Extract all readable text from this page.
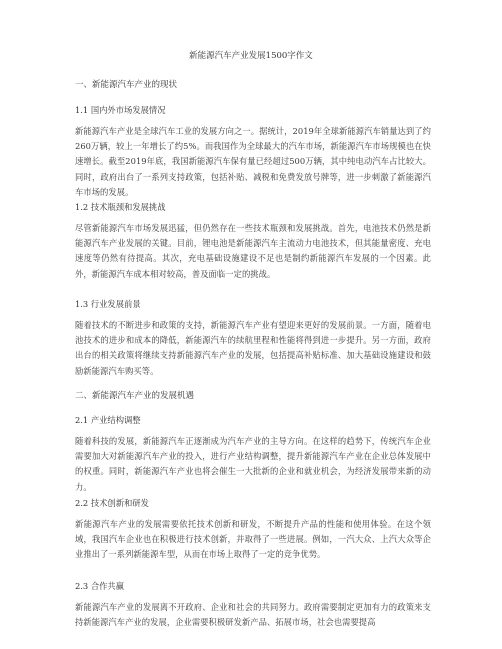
新能源汽车产业发展1500字作文
一、新能源汽车产业的现状
1.1 国内外市场发展情况
新能源汽车产业是全球汽车工业的发展方向之一。据统计，2019年全球新能源汽车销量达到了约260万辆，较上一年增长了约5%。而我国作为全球最大的汽车市场，新能源汽车市场规模也在快速增长。截至2019年底，我国新能源汽车保有量已经超过500万辆，其中纯电动汽车占比较大。同时，政府出台了一系列支持政策，包括补贴、减税和免费发放号牌等，进一步刺激了新能源汽车市场的发展。
1.2 技术瓶颈和发展挑战
尽管新能源汽车市场发展迅猛，但仍然存在一些技术瓶颈和发展挑战。首先，电池技术仍然是新能源汽车产业发展的关键。目前，锂电池是新能源汽车主流动力电池技术，但其能量密度、充电速度等仍然有待提高。其次，充电基础设施建设不足也是制约新能源汽车发展的一个因素。此外，新能源汽车成本相对较高，普及面临一定的挑战。
1.3 行业发展前景
随着技术的不断进步和政策的支持，新能源汽车产业有望迎来更好的发展前景。一方面，随着电池技术的进步和成本的降低，新能源汽车的续航里程和性能将得到进一步提升。另一方面，政府出台的相关政策将继续支持新能源汽车产业的发展，包括提高补贴标准、加大基础设施建设和鼓励新能源汽车购买等。
二、新能源汽车产业的发展机遇
2.1 产业结构调整
随着科技的发展，新能源汽车正逐渐成为汽车产业的主导方向。在这样的趋势下，传统汽车企业需要加大对新能源汽车产业的投入，进行产业结构调整，提升新能源汽车产业在企业总体发展中的权重。同时，新能源汽车产业也将会催生一大批新的企业和就业机会，为经济发展带来新的动力。
2.2 技术创新和研发
新能源汽车产业的发展需要依托技术创新和研发，不断提升产品的性能和使用体验。在这个领域，我国汽车企业也在积极进行技术创新，并取得了一些进展。例如，一汽大众、上汽大众等企业推出了一系列新能源车型，从而在市场上取得了一定的竞争优势。
2.3 合作共赢
新能源汽车产业的发展离不开政府、企业和社会的共同努力。政府需要制定更加有力的政策来支持新能源汽车产业的发展，企业需要积极研发新产品、拓展市场，社会也需要提高
